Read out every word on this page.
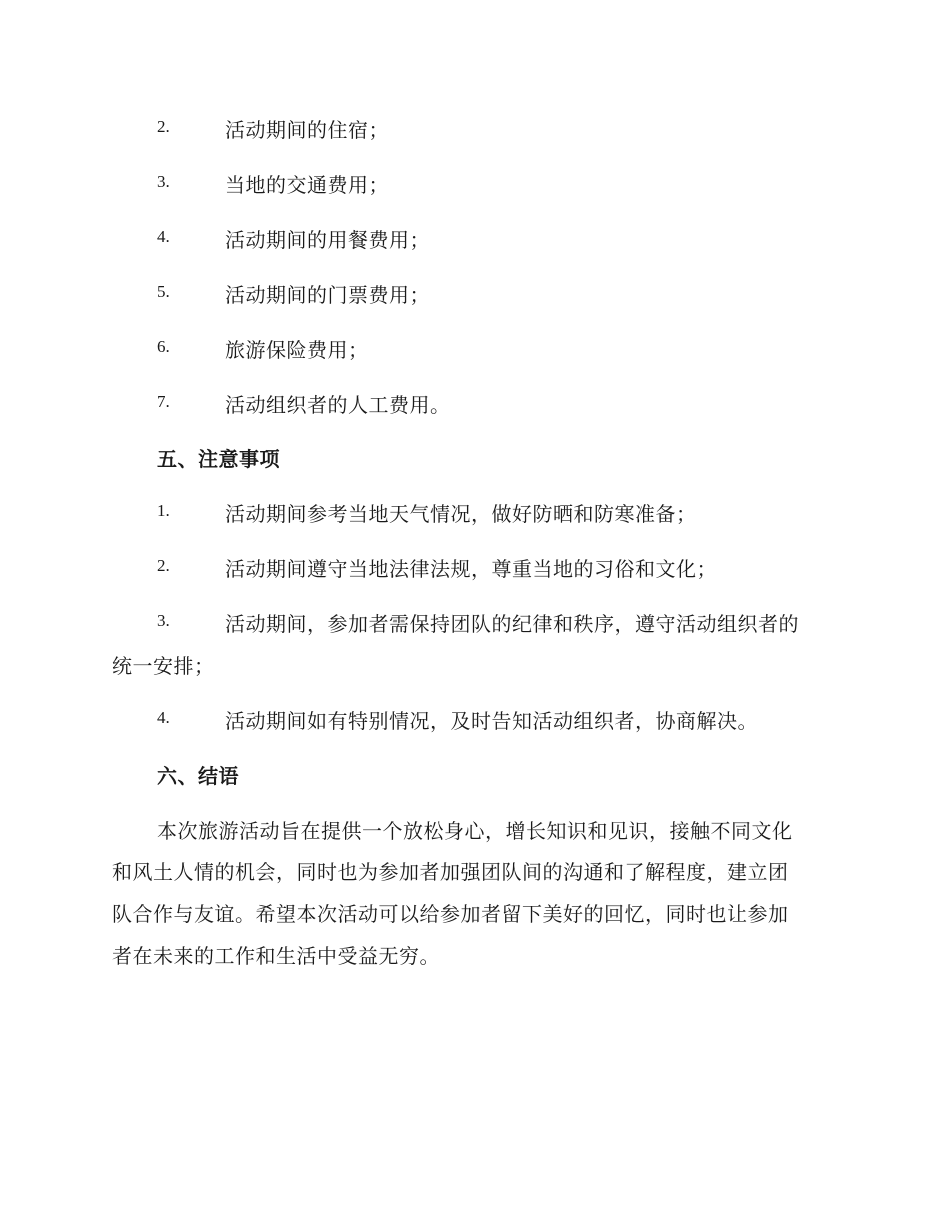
2.	活动期间的住宿；
3.	当地的交通费用；
4.	活动期间的用餐费用；
5.	活动期间的门票费用；
6.	旅游保险费用；
7.	活动组织者的人工费用。
五、注意事项
1.	活动期间参考当地天气情况，做好防晒和防寒准备；
2.	活动期间遵守当地法律法规，尊重当地的习俗和文化；
3.	活动期间，参加者需保持团队的纪律和秩序，遵守活动组织者的
统一安排；
4.	活动期间如有特别情况，及时告知活动组织者，协商解决。
六、结语
本次旅游活动旨在提供一个放松身心，增长知识和见识，接触不同文化
和风土人情的机会，同时也为参加者加强团队间的沟通和了解程度，建立团
队合作与友谊。希望本次活动可以给参加者留下美好的回忆，同时也让参加
者在未来的工作和生活中受益无穷。
